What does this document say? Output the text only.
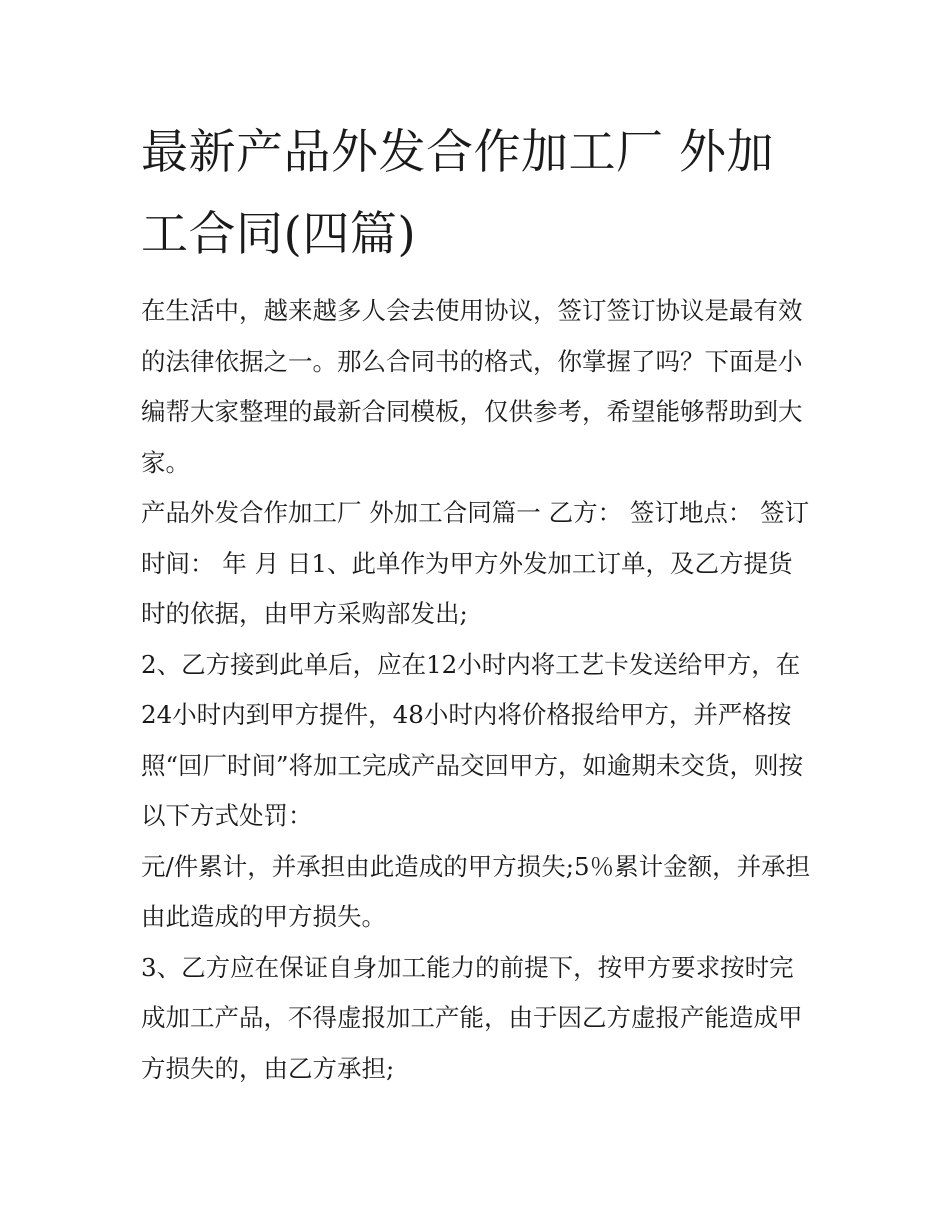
最新产品外发合作加工厂 外加工合同(四篇)

在生活中，越来越多人会去使用协议，签订签订协议是最有效的法律依据之一。那么合同书的格式，你掌握了吗？下面是小编帮大家整理的最新合同模板，仅供参考，希望能够帮助到大家。

产品外发合作加工厂 外加工合同篇一 乙方： 签订地点： 签订时间： 年 月 日1、此单作为甲方外发加工订单，及乙方提货时的依据，由甲方采购部发出;

2、乙方接到此单后，应在12小时内将工艺卡发送给甲方，在24小时内到甲方提件，48小时内将价格报给甲方，并严格按照“回厂时间”将加工完成产品交回甲方，如逾期未交货，则按以下方式处罚：

元/件累计，并承担由此造成的甲方损失;5％累计金额，并承担由此造成的甲方损失。

3、乙方应在保证自身加工能力的前提下，按甲方要求按时完成加工产品，不得虚报加工产能，由于因乙方虚报产能造成甲方损失的，由乙方承担;
